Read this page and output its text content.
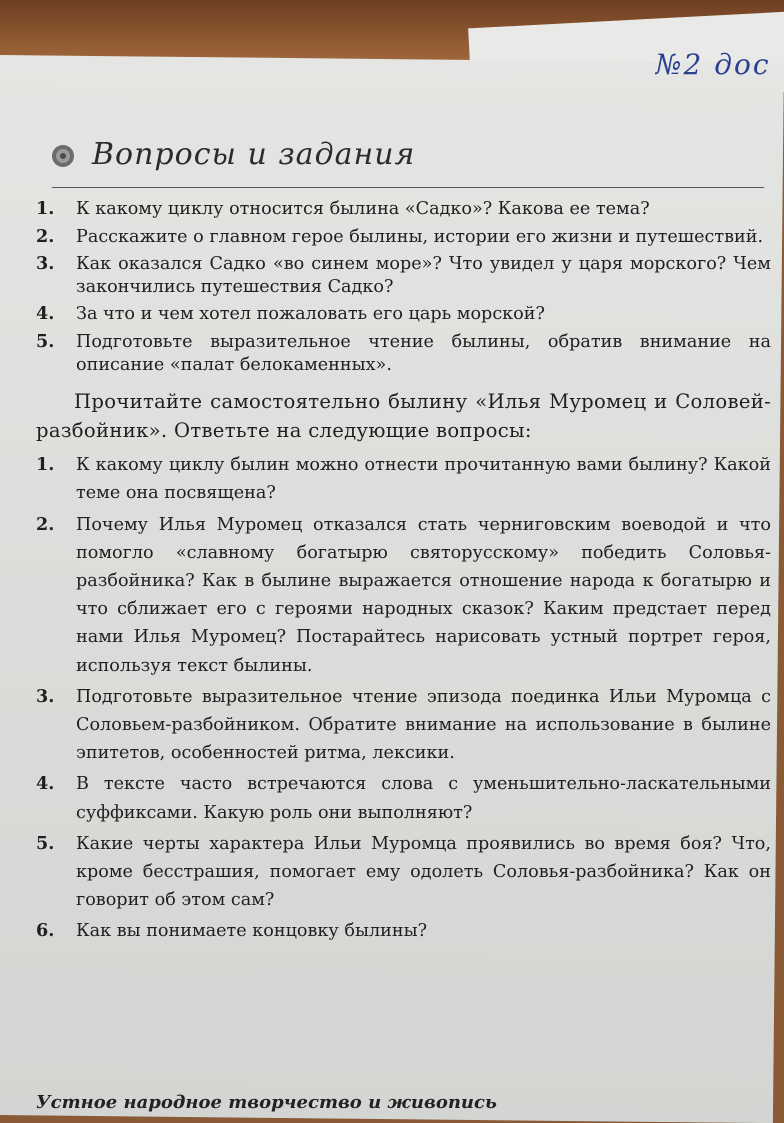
№2 дос
Вопросы и задания
1.	К какому циклу относится былина «Садко»? Какова ее тема?
2.	Расскажите о главном герое былины, истории его жизни и путешествий.
3.	Как оказался Садко «во синем море»? Что увидел у царя морского? Чем закончились путешествия Садко?
4.	За что и чем хотел пожаловать его царь морской?
5.	Подготовьте выразительное чтение былины, обратив внимание на описание «палат белокаменных».

Прочитайте самостоятельно былину «Илья Муромец и Соловей-разбойник». Ответьте на следующие вопросы:

1.	К какому циклу былин можно отнести прочитанную вами былину? Какой теме она посвящена?
2.	Почему Илья Муромец отказался стать черниговским воеводой и что помогло «славному богатырю святорусскому» победить Соловья-разбойника? Как в былине выражается отношение народа к богатырю и что сближает его с героями народных сказок? Каким предстает перед нами Илья Муромец? Постарайтесь нарисовать устный портрет героя, используя текст былины.
3.	Подготовьте выразительное чтение эпизода поединка Ильи Муромца с Соловьем-разбойником. Обратите внимание на использование в былине эпитетов, особенностей ритма, лексики.
4.	В тексте часто встречаются слова с уменьшительно-ласкательными суффиксами. Какую роль они выполняют?
5.	Какие черты характера Ильи Муромца проявились во время боя? Что, кроме бесстрашия, помогает ему одолеть Соловья-разбойника? Как он говорит об этом сам?
6.	Как вы понимаете концовку былины?
Устное народное творчество и живопись
